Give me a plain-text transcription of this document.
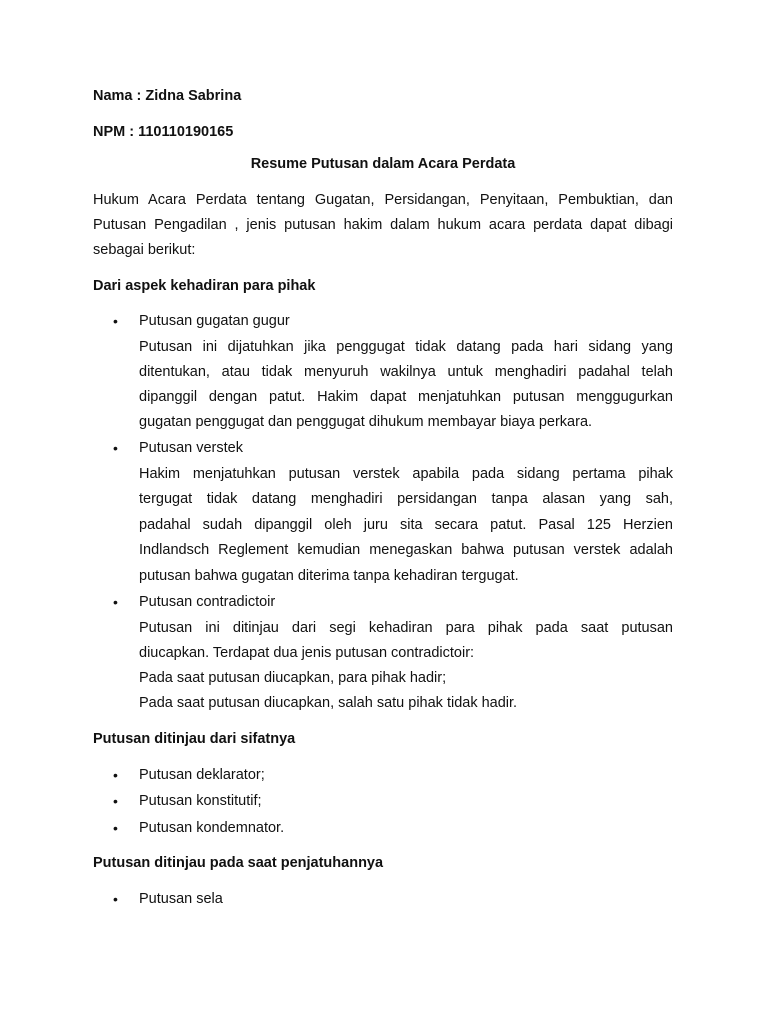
Nama : Zidna Sabrina
NPM : 110110190165
Resume Putusan dalam Acara Perdata
Hukum Acara Perdata tentang Gugatan, Persidangan, Penyitaan, Pembuktian, dan
Putusan Pengadilan , jenis putusan hakim dalam hukum acara perdata dapat dibagi
sebagai berikut:
Dari aspek kehadiran para pihak
• Putusan gugatan gugur
Putusan ini dijatuhkan jika penggugat tidak datang pada hari sidang yang
ditentukan, atau tidak menyuruh wakilnya untuk menghadiri padahal telah
dipanggil dengan patut. Hakim dapat menjatuhkan putusan menggugurkan
gugatan penggugat dan penggugat dihukum membayar biaya perkara.
• Putusan verstek
Hakim menjatuhkan putusan verstek apabila pada sidang pertama pihak
tergugat tidak datang menghadiri persidangan tanpa alasan yang sah,
padahal sudah dipanggil oleh juru sita secara patut. Pasal 125 Herzien
Indlandsch Reglement kemudian menegaskan bahwa putusan verstek adalah
putusan bahwa gugatan diterima tanpa kehadiran tergugat.
• Putusan contradictoir
Putusan ini ditinjau dari segi kehadiran para pihak pada saat putusan
diucapkan. Terdapat dua jenis putusan contradictoir:
Pada saat putusan diucapkan, para pihak hadir;
Pada saat putusan diucapkan, salah satu pihak tidak hadir.
Putusan ditinjau dari sifatnya
• Putusan deklarator;
• Putusan konstitutif;
• Putusan kondemnator.
Putusan ditinjau pada saat penjatuhannya
• Putusan sela
